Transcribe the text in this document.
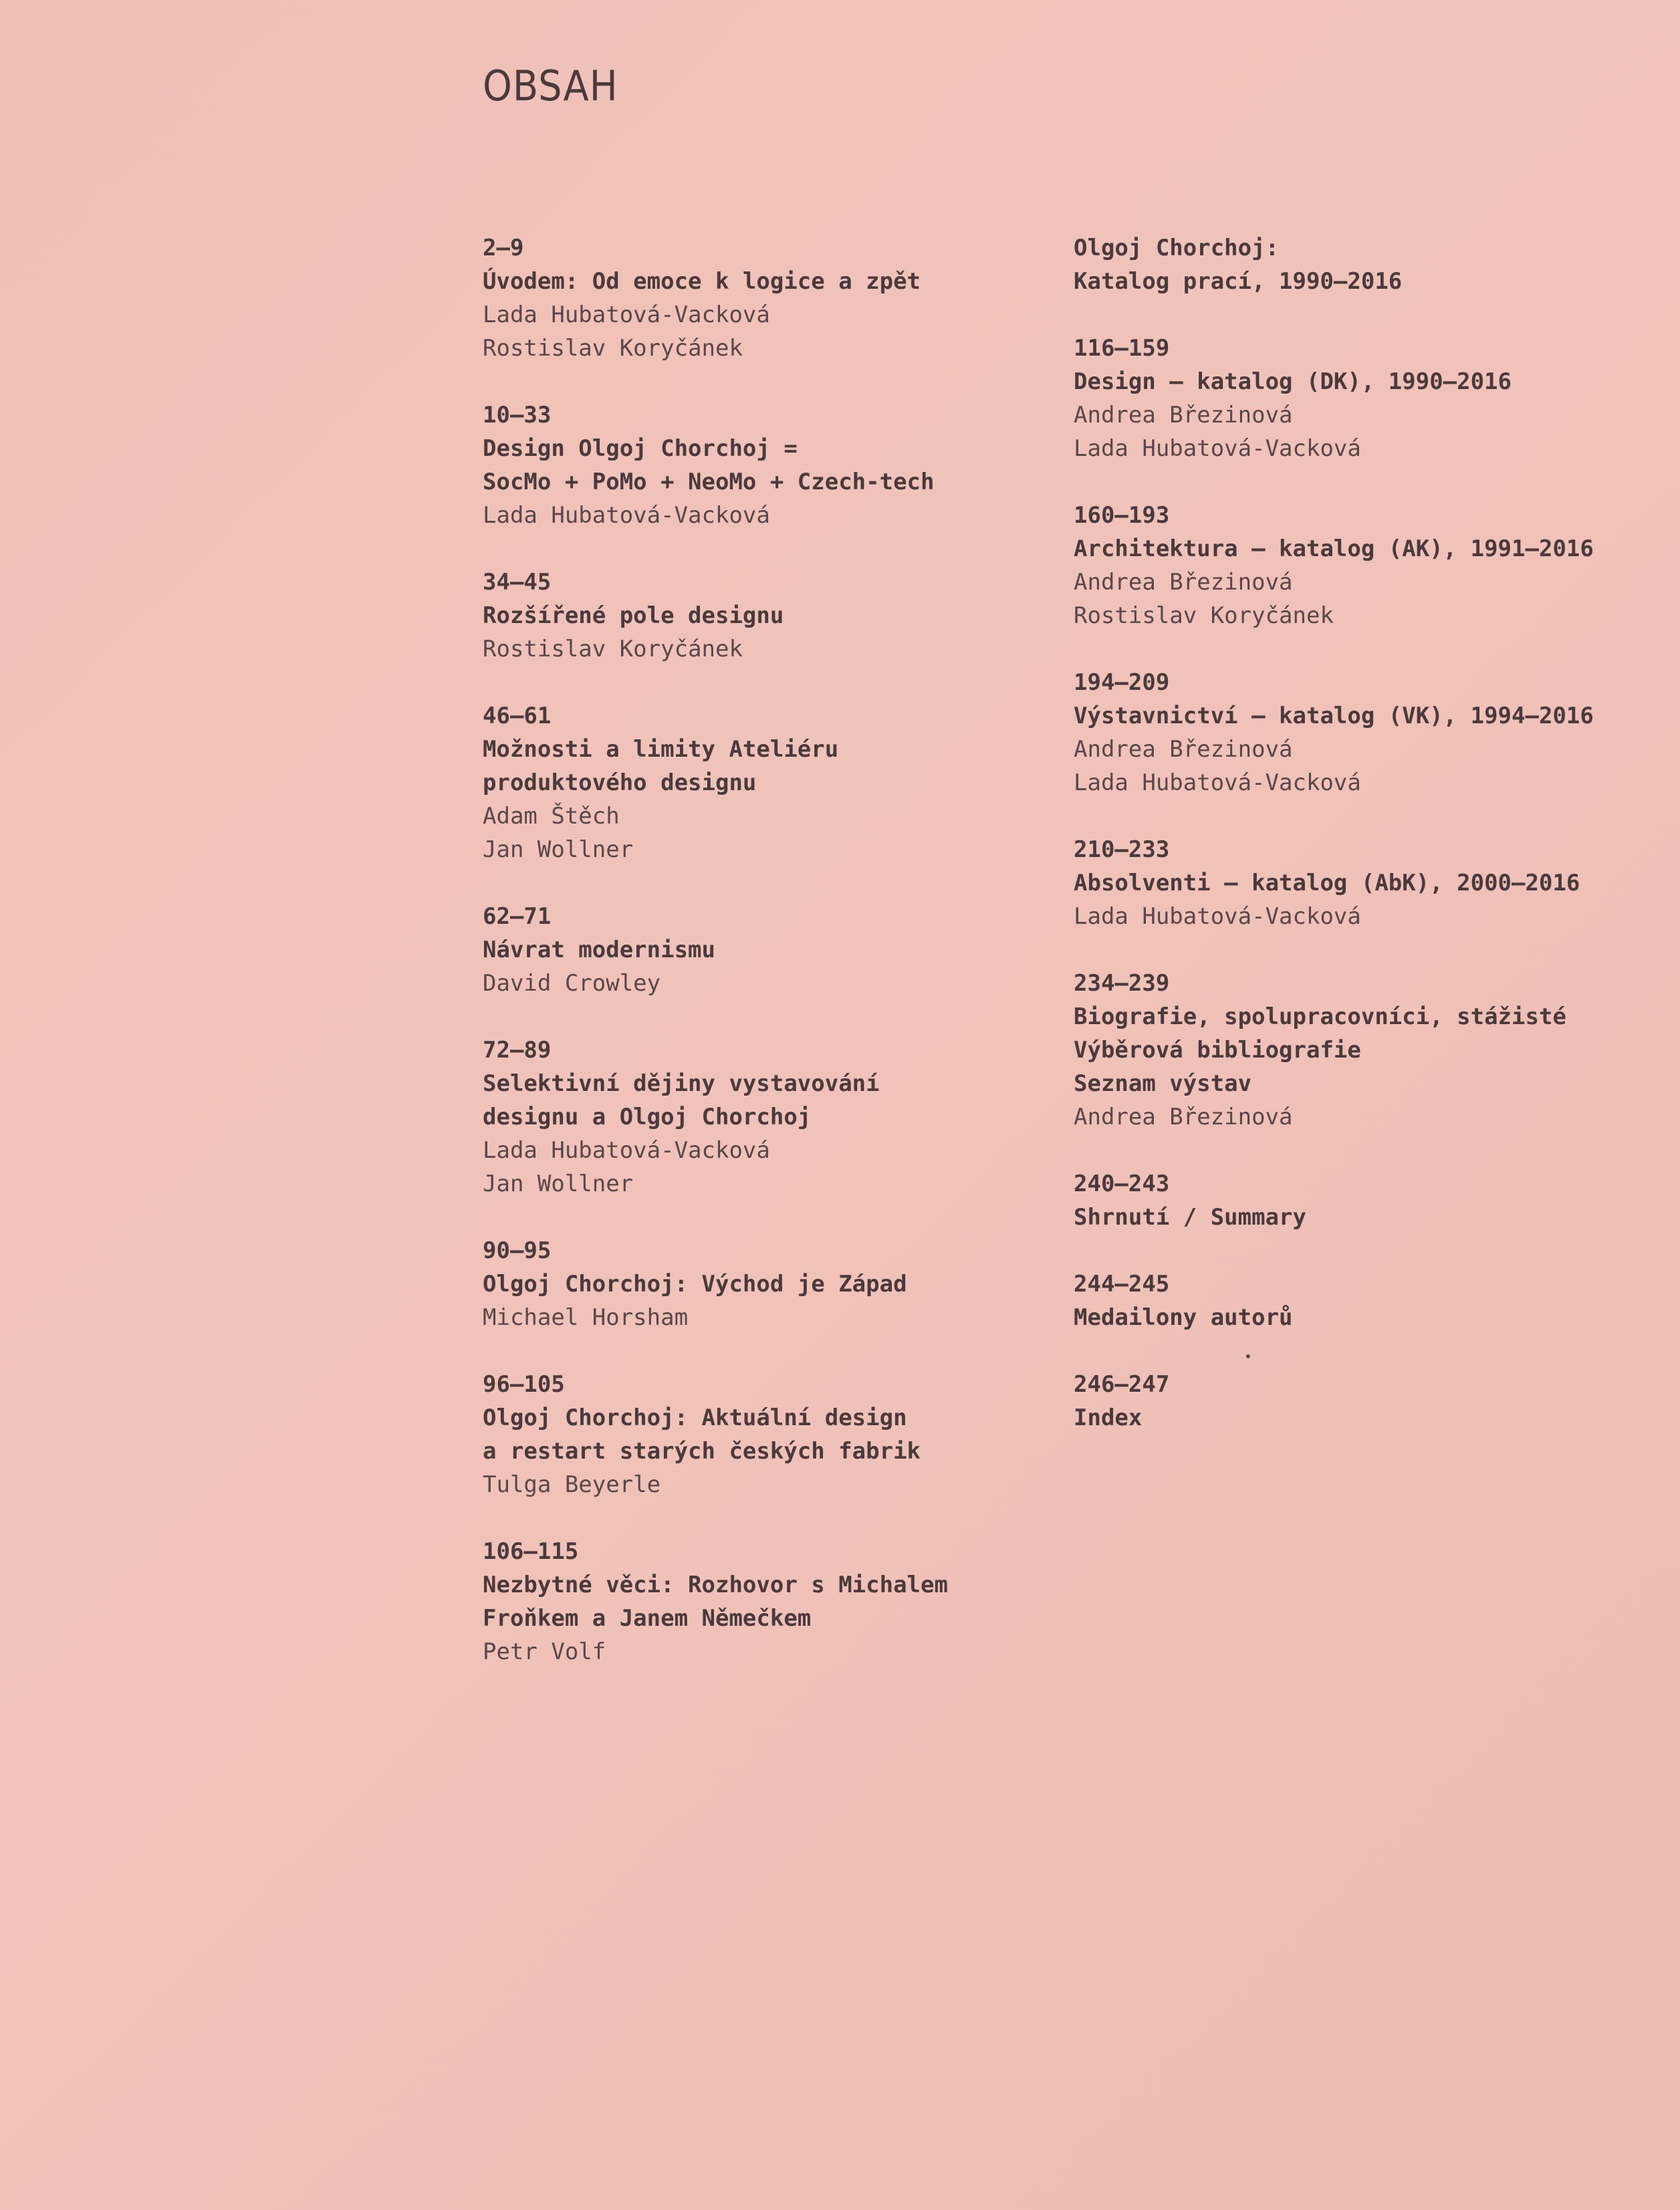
OBSAH
2–9
Úvodem: Od emoce k logice a zpět
Lada Hubatová-Vacková
Rostislav Koryčánek
10–33
Design Olgoj Chorchoj =
SocMo + PoMo + NeoMo + Czech-tech
Lada Hubatová-Vacková
34–45
Rozšířené pole designu
Rostislav Koryčánek
46–61
Možnosti a limity Ateliéru
produktového designu
Adam Štěch
Jan Wollner
62–71
Návrat modernismu
David Crowley
72–89
Selektivní dějiny vystavování
designu a Olgoj Chorchoj
Lada Hubatová-Vacková
Jan Wollner
90–95
Olgoj Chorchoj: Východ je Západ
Michael Horsham
96–105
Olgoj Chorchoj: Aktuální design
a restart starých českých fabrik
Tulga Beyerle
106–115
Nezbytné věci: Rozhovor s Michalem
Froňkem a Janem Němečkem
Petr Volf
Olgoj Chorchoj:
Katalog prací, 1990–2016
116–159
Design – katalog (DK), 1990–2016
Andrea Březinová
Lada Hubatová-Vacková
160–193
Architektura – katalog (AK), 1991–2016
Andrea Březinová
Rostislav Koryčánek
194–209
Výstavnictví – katalog (VK), 1994–2016
Andrea Březinová
Lada Hubatová-Vacková
210–233
Absolventi – katalog (AbK), 2000–2016
Lada Hubatová-Vacková
234–239
Biografie, spolupracovníci, stážisté
Výběrová bibliografie
Seznam výstav
Andrea Březinová
240–243
Shrnutí / Summary
244–245
Medailony autorů
246–247
Index
